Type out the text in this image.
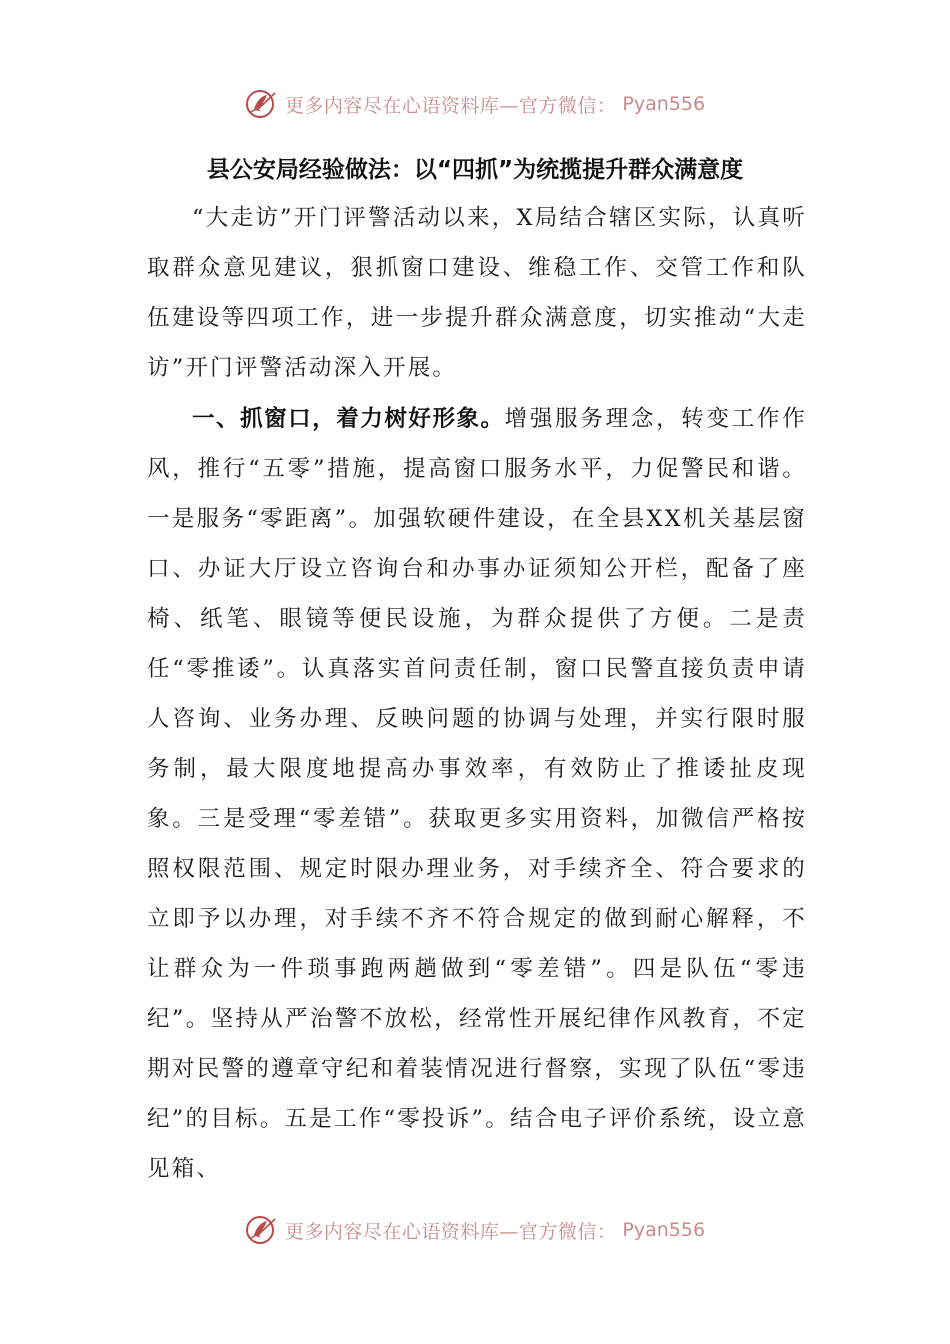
更多内容尽在心语资料库—官方微信： Pyan556
县公安局经验做法：以“四抓”为统揽提升群众满意度

“大走访”开门评警活动以来，X局结合辖区实际，认真听取群众意见建议，狠抓窗口建设、维稳工作、交管工作和队伍建设等四项工作，进一步提升群众满意度，切实推动“大走访”开门评警活动深入开展。

一、抓窗口，着力树好形象。增强服务理念，转变工作作风，推行“五零”措施，提高窗口服务水平，力促警民和谐。一是服务“零距离”。加强软硬件建设，在全县XX机关基层窗口、办证大厅设立咨询台和办事办证须知公开栏，配备了座椅、纸笔、眼镜等便民设施，为群众提供了方便。二是责任“零推诿”。认真落实首问责任制，窗口民警直接负责申请人咨询、业务办理、反映问题的协调与处理，并实行限时服务制，最大限度地提高办事效率，有效防止了推诿扯皮现象。三是受理“零差错”。获取更多实用资料，加微信严格按照权限范围、规定时限办理业务，对手续齐全、符合要求的立即予以办理，对手续不齐不符合规定的做到耐心解释，不让群众为一件琐事跑两趟做到“零差错”。四是队伍“零违纪”。坚持从严治警不放松，经常性开展纪律作风教育，不定期对民警的遵章守纪和着装情况进行督察，实现了队伍“零违纪”的目标。五是工作“零投诉”。结合电子评价系统，设立意见箱、

更多内容尽在心语资料库—官方微信： Pyan556
